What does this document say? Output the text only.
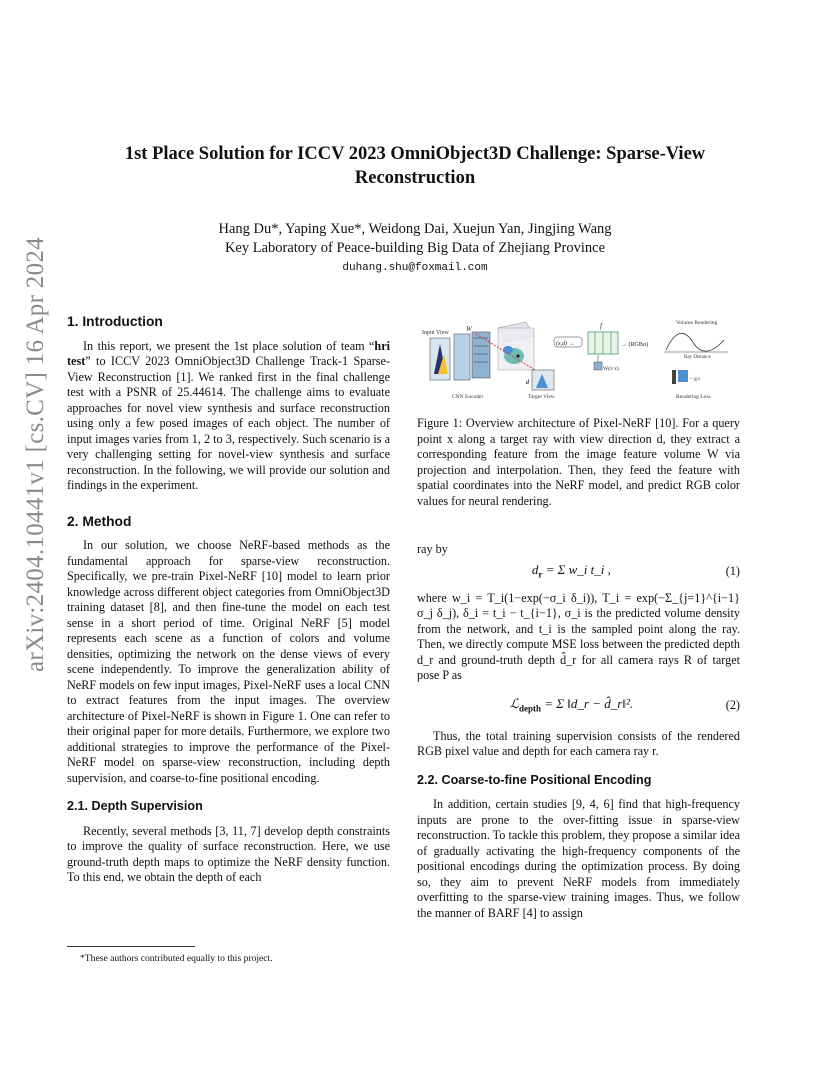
arXiv:2404.10441v1 [cs.CV] 16 Apr 2024
1st Place Solution for ICCV 2023 OmniObject3D Challenge: Sparse-View
Reconstruction
Hang Du*, Yaping Xue*, Weidong Dai, Xuejun Yan, Jingjing Wang
Key Laboratory of Peace-building Big Data of Zhejiang Province
duhang.shu@foxmail.com
1. Introduction

In this report, we present the 1st place solution of team “hri test” to ICCV 2023 OmniObject3D Challenge Track-1 Sparse-View Reconstruction [1]. We ranked first in the final challenge test with a PSNR of 25.44614. The challenge aims to evaluate approaches for novel view synthesis and surface reconstruction using only a few posed images of each object. The number of input images varies from 1, 2 to 3, respectively. Such scenario is a very challenging setting for novel-view synthesis and surface reconstruction. In the following, we will provide our solution and findings in the experiment.

2. Method

In our solution, we choose NeRF-based methods as the fundamental approach for sparse-view reconstruction. Specifically, we pre-train Pixel-NeRF [10] model to learn prior knowledge across different object categories from OmniObject3D training dataset [8], and then fine-tune the model on each test sense in a short period of time. Original NeRF [5] model represents each scene as a function of colors and volume densities, optimizing the network on the dense views of every scene independently. To improve the generalization ability of NeRF models on few input images, Pixel-NeRF uses a local CNN to extract features from the input images. The overview architecture of Pixel-NeRF is shown in Figure 1. One can refer to their original paper for more details. Furthermore, we explore two additional strategies to improve the performance of the Pixel-NeRF model on sparse-view reconstruction, including depth supervision, and coarse-to-fine positional encoding.

2.1. Depth Supervision

Recently, several methods [3, 11, 7] develop depth constraints to improve the quality of surface reconstruction. Here, we use ground-truth depth maps to optimize the NeRF density function. To this end, we obtain the depth of each

*These authors contributed equally to this project.
Input View W
CNN Encoder	Target View
d
(x,d) →
f
→ (RGBσ)
W(π x)
Volume Rendering
Ray Distance
– g.t.
Rendering Loss

Figure 1: Overview architecture of Pixel-NeRF [10]. For a query point x along a target ray with view direction d, they extract a corresponding feature from the image feature volume W via projection and interpolation. Then, they feed the feature with spatial coordinates into the NeRF model, and predict RGB color values for neural rendering.

ray by

$d_r = \Sigma$ w_i t_i ,	(1)

where w_i = T_i(1−exp(−σ_i δ_i)), T_i = exp(−Σ_{j=1}^{i−1} σ_j δ_j), δ_i = t_i − t_{i−1}, σ_i is the predicted volume density from the network, and t_i is the sampled point along the ray. Then, we directly compute MSE loss between the predicted depth d_r and ground-truth depth d̂_r for all camera rays R of target pose P as

ℒ$_{depth}$ = Σ ‖d_r − d̂_r‖².	(2)

Thus, the total training supervision consists of the rendered RGB pixel value and depth for each camera ray r.

2.2. Coarse-to-fine Positional Encoding

In addition, certain studies [9, 4, 6] find that high-frequency inputs are prone to the over-fitting issue in sparse-view reconstruction. To tackle this problem, they propose a similar idea of gradually activating the high-frequency components of the positional encodings during the optimization process. By doing so, they aim to prevent NeRF models from immediately overfitting to the sparse-view training images. Thus, we follow the manner of BARF [4] to assign
